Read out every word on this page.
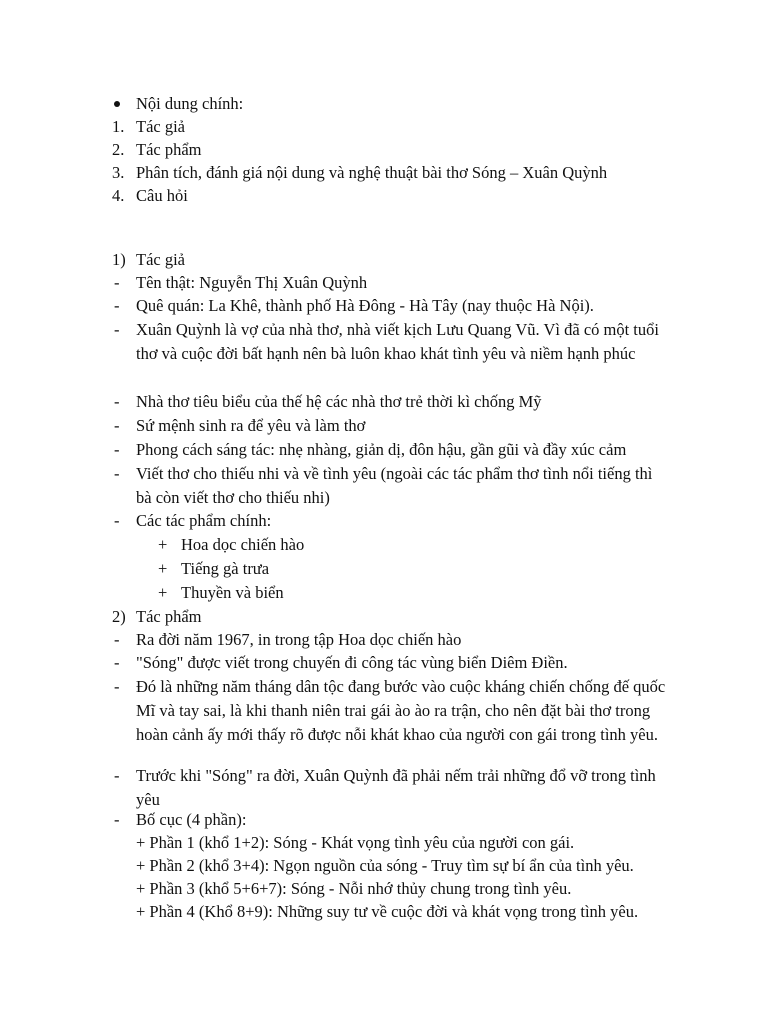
Nội dung chính:
1. Tác giả
2. Tác phẩm
3. Phân tích, đánh giá nội dung và nghệ thuật bài thơ Sóng – Xuân Quỳnh
4. Câu hỏi
1) Tác giả
- Tên thật: Nguyễn Thị Xuân Quỳnh
- Quê quán: La Khê, thành phố Hà Đông - Hà Tây (nay thuộc Hà Nội).
- Xuân Quỳnh là vợ của nhà thơ, nhà viết kịch Lưu Quang Vũ. Vì đã có một tuổi thơ và cuộc đời bất hạnh nên bà luôn khao khát tình yêu và niềm hạnh phúc
- Nhà thơ tiêu biểu của thế hệ các nhà thơ trẻ thời kì chống Mỹ
- Sứ mệnh sinh ra để yêu và làm thơ
- Phong cách sáng tác: nhẹ nhàng, giản dị, đôn hậu, gần gũi và đầy xúc cảm
- Viết thơ cho thiếu nhi và về tình yêu (ngoài các tác phẩm thơ tình nổi tiếng thì bà còn viết thơ cho thiếu nhi)
- Các tác phẩm chính:
+ Hoa dọc chiến hào
+ Tiếng gà trưa
+ Thuyền và biển
2) Tác phẩm
- Ra đời năm 1967, in trong tập Hoa dọc chiến hào
- "Sóng" được viết trong chuyến đi công tác vùng biển Diêm Điền.
- Đó là những năm tháng dân tộc đang bước vào cuộc kháng chiến chống đế quốc Mĩ và tay sai, là khi thanh niên trai gái ào ào ra trận, cho nên đặt bài thơ trong hoàn cảnh ấy mới thấy rõ được nỗi khát khao của người con gái trong tình yêu.
- Trước khi "Sóng" ra đời, Xuân Quỳnh đã phải nếm trải những đổ vỡ trong tình yêu
- Bố cục (4 phần):
+ Phần 1 (khổ 1+2): Sóng - Khát vọng tình yêu của người con gái.
+ Phần 2 (khổ 3+4): Ngọn nguồn của sóng - Truy tìm sự bí ẩn của tình yêu.
+ Phần 3 (khổ 5+6+7): Sóng - Nỗi nhớ thủy chung trong tình yêu.
+ Phần 4 (Khổ 8+9): Những suy tư về cuộc đời và khát vọng trong tình yêu.
